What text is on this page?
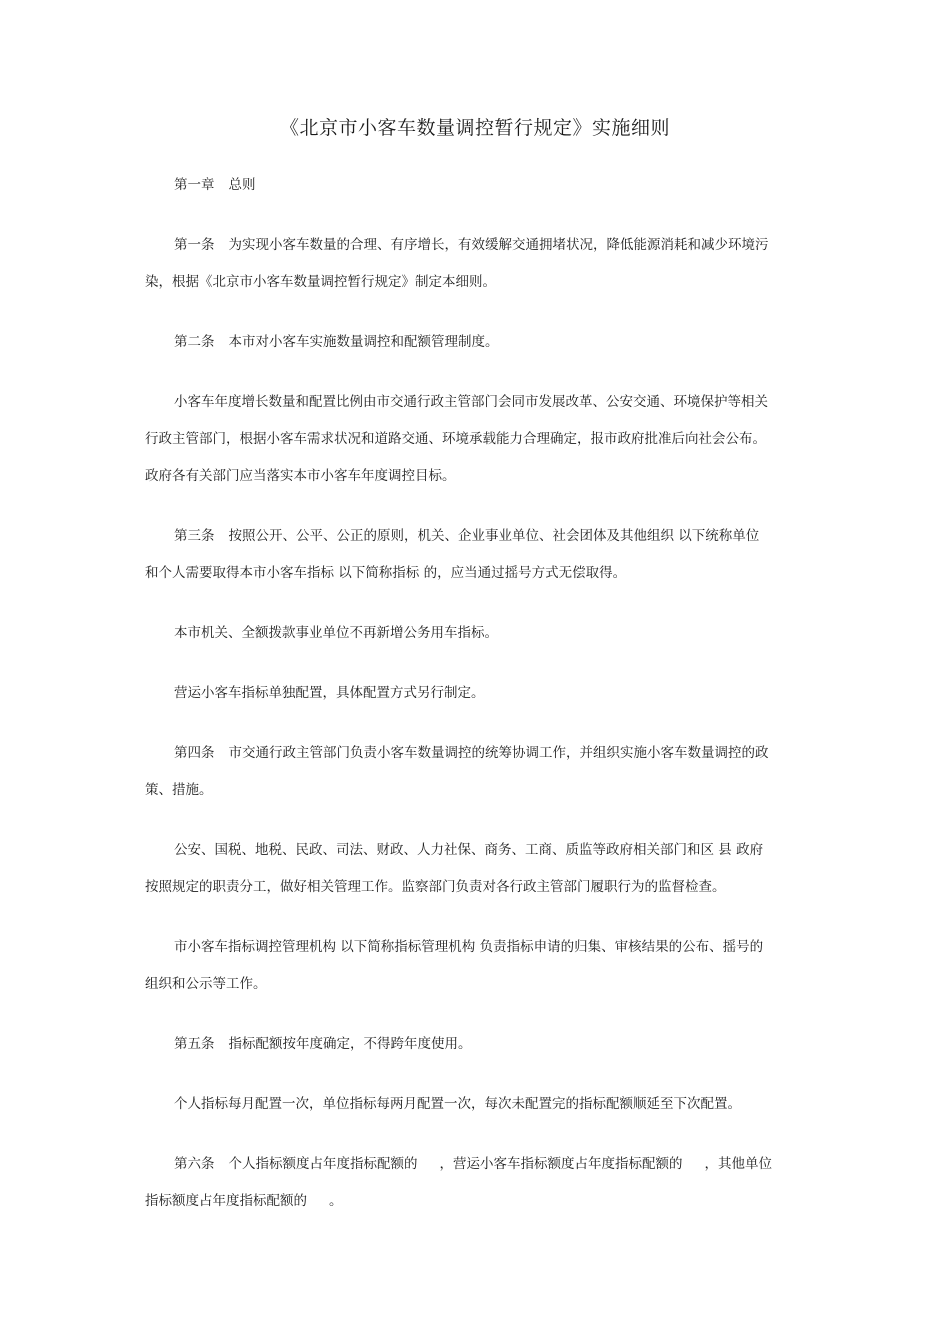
《北京市小客车数量调控暂行规定》实施细则
第一章 总则
第一条 为实现小客车数量的合理、有序增长，有效缓解交通拥堵状况，降低能源消耗和减少环境污
染，根据《北京市小客车数量调控暂行规定》制定本细则。
第二条 本市对小客车实施数量调控和配额管理制度。
小客车年度增长数量和配置比例由市交通行政主管部门会同市发展改革、公安交通、环境保护等相关
行政主管部门，根据小客车需求状况和道路交通、环境承载能力合理确定，报市政府批准后向社会公布。
政府各有关部门应当落实本市小客车年度调控目标。
第三条 按照公开、公平、公正的原则，机关、企业事业单位、社会团体及其他组织 以下统称单位
和个人需要取得本市小客车指标 以下简称指标 的，应当通过摇号方式无偿取得。
本市机关、全额拨款事业单位不再新增公务用车指标。
营运小客车指标单独配置，具体配置方式另行制定。
第四条 市交通行政主管部门负责小客车数量调控的统筹协调工作，并组织实施小客车数量调控的政
策、措施。
公安、国税、地税、民政、司法、财政、人力社保、商务、工商、质监等政府相关部门和区 县 政府
按照规定的职责分工，做好相关管理工作。监察部门负责对各行政主管部门履职行为的监督检查。
市小客车指标调控管理机构 以下简称指标管理机构 负责指标申请的归集、审核结果的公布、摇号的
组织和公示等工作。
第五条 指标配额按年度确定，不得跨年度使用。
个人指标每月配置一次，单位指标每两月配置一次，每次未配置完的指标配额顺延至下次配置。
第六条 个人指标额度占年度指标配额的 ，营运小客车指标额度占年度指标配额的 ，其他单位
指标额度占年度指标配额的 。
